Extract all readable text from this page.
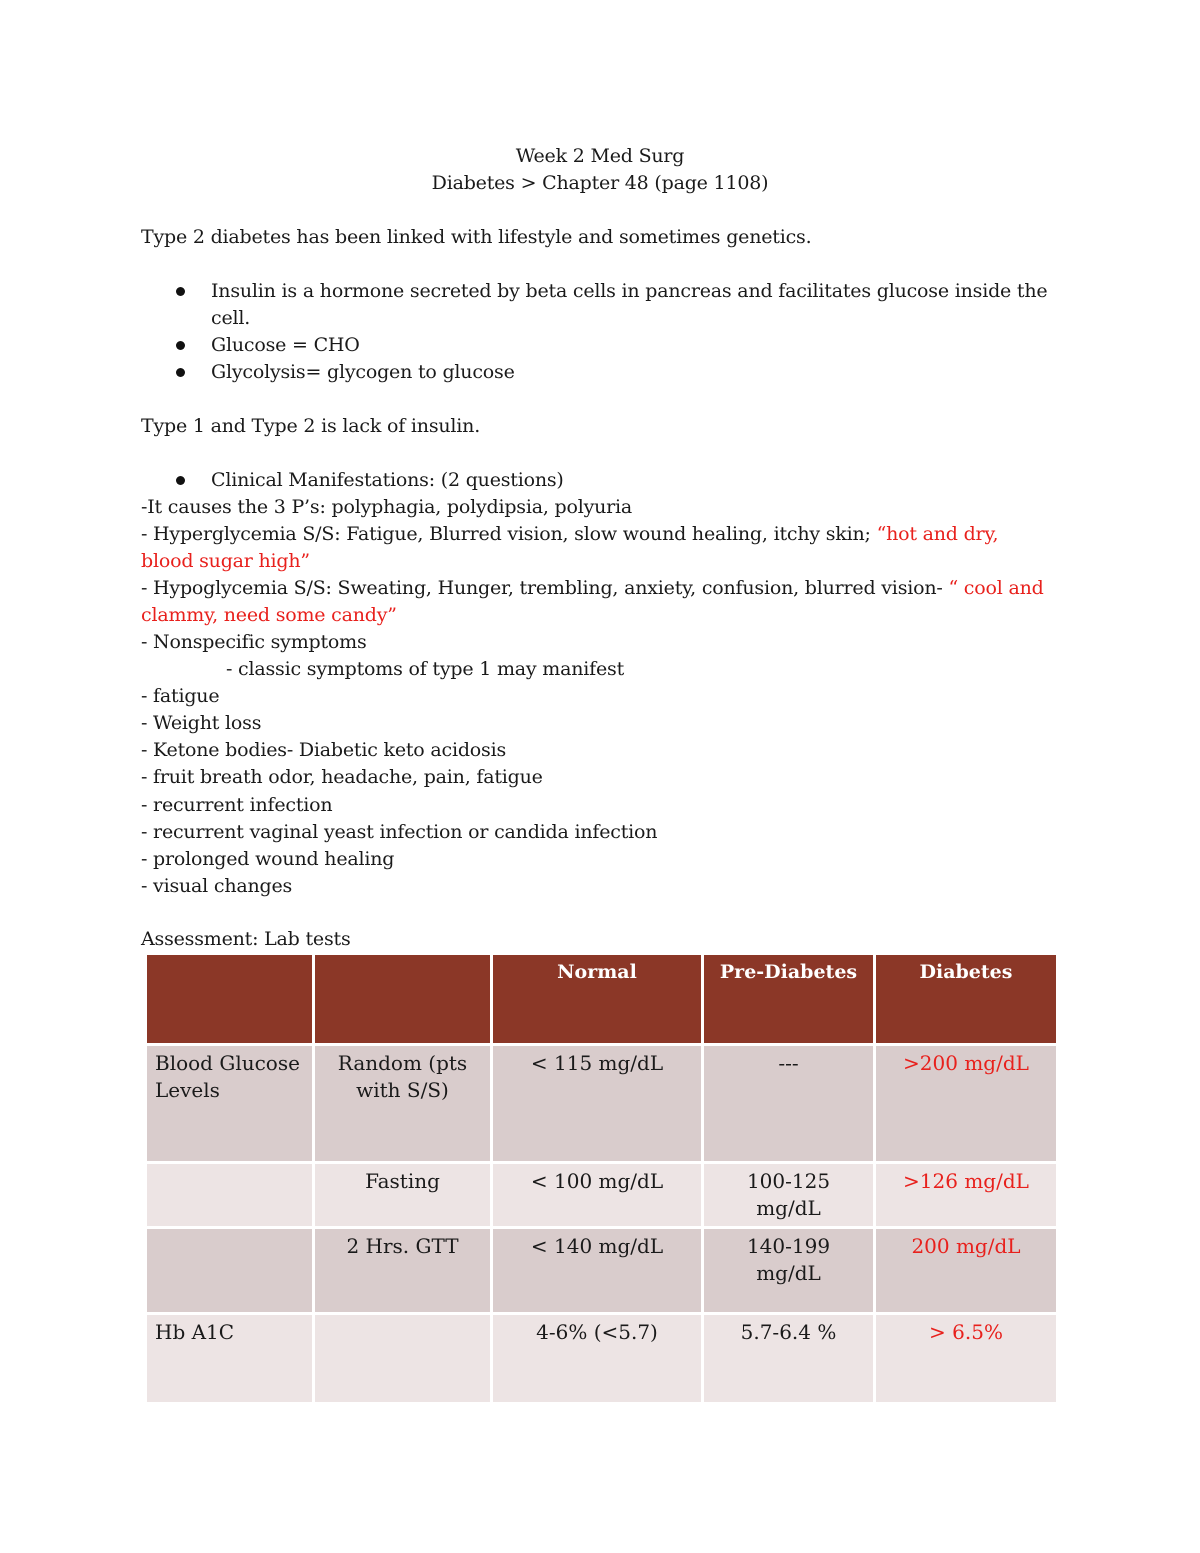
Week 2 Med Surg
Diabetes > Chapter 48 (page 1108)
Type 2 diabetes has been linked with lifestyle and sometimes genetics.
Insulin is a hormone secreted by beta cells in pancreas and facilitates glucose inside the
cell.
Glucose = CHO
Glycolysis= glycogen to glucose
Type 1 and Type 2 is lack of insulin.
Clinical Manifestations: (2 questions)
-It causes the 3 P’s: polyphagia, polydipsia, polyuria
- Hyperglycemia S/S: Fatigue, Blurred vision, slow wound healing, itchy skin; “hot and dry,
blood sugar high”
- Hypoglycemia S/S: Sweating, Hunger, trembling, anxiety, confusion, blurred vision- “ cool and
clammy, need some candy”
- Nonspecific symptoms
- classic symptoms of type 1 may manifest
- fatigue
- Weight loss
- Ketone bodies- Diabetic keto acidosis
- fruit breath odor, headache, pain, fatigue
- recurrent infection
- recurrent vaginal yeast infection or candida infection
- prolonged wound healing
- visual changes
Assessment: Lab tests
		Normal	Pre-Diabetes	Diabetes
Blood Glucose Levels	Random (pts with S/S)	< 115 mg/dL	---	>200 mg/dL
	Fasting	< 100 mg/dL	100-125 mg/dL	>126 mg/dL
	2 Hrs. GTT	< 140 mg/dL	140-199 mg/dL	200 mg/dL
Hb A1C		4-6% (<5.7)	5.7-6.4 %	> 6.5%
